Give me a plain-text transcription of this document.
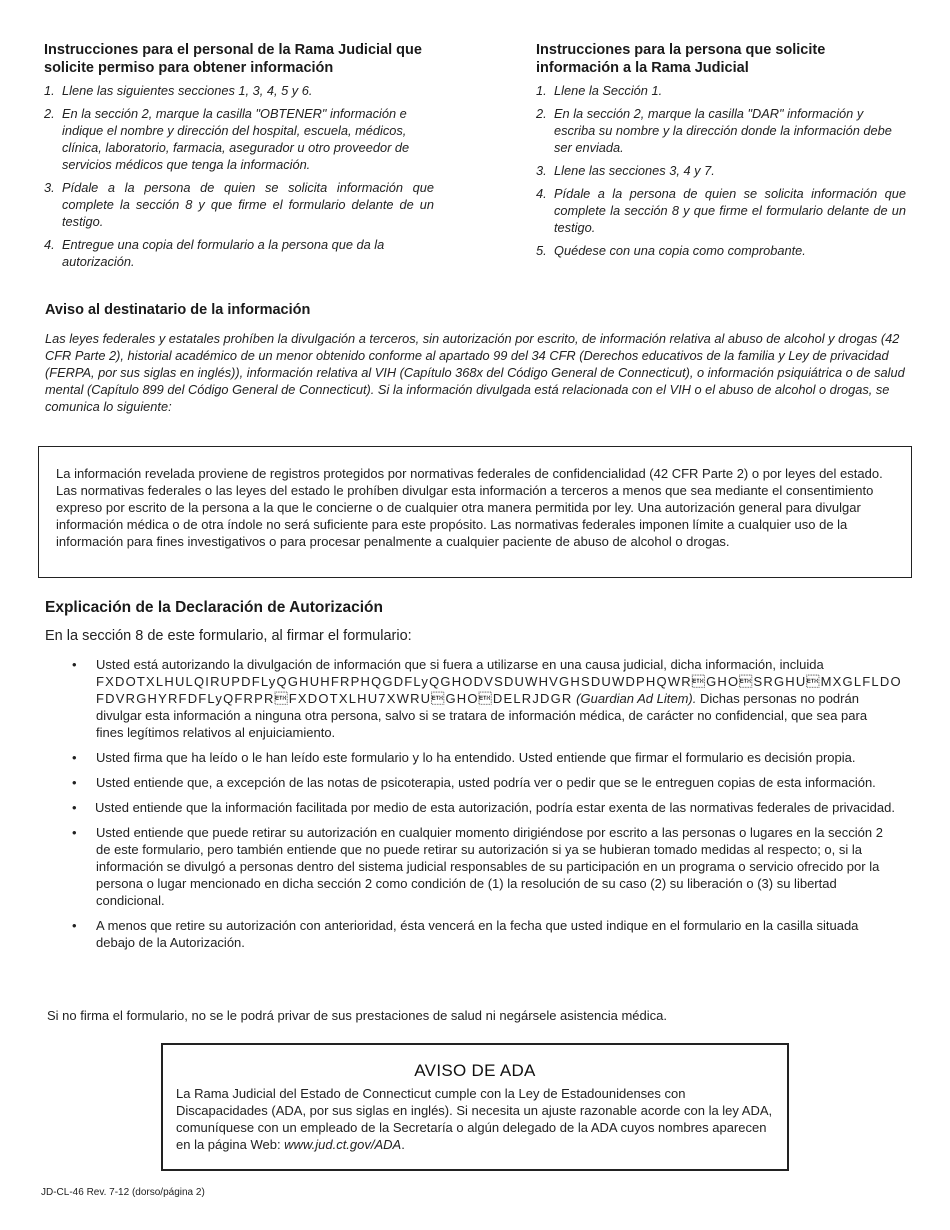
Instrucciones para el personal de la Rama Judicial que solicite permiso para obtener información
1. Llene las siguientes secciones 1, 3, 4, 5 y 6.
2. En la sección 2, marque la casilla "OBTENER" información e indique el nombre y dirección del hospital, escuela, médicos, clínica, laboratorio, farmacia, asegurador u otro proveedor de servicios médicos que tenga la información.
3. Pídale a la persona de quien se solicita información que complete la sección 8 y que firme el formulario delante de un testigo.
4. Entregue una copia del formulario a la persona que da la autorización.
Instrucciones para la persona que solicite información a la Rama Judicial
1. Llene la Sección 1.
2. En la sección 2, marque la casilla "DAR" información y escriba su nombre y la dirección donde la información debe ser enviada.
3. Llene las secciones 3, 4 y 7.
4. Pídale a la persona de quien se solicita información que complete la sección 8 y que firme el formulario delante de un testigo.
5. Quédese con una copia como comprobante.
Aviso al destinatario de la información
Las leyes federales y estatales prohíben la divulgación a terceros, sin autorización por escrito, de información relativa al abuso de alcohol y drogas (42 CFR Parte 2), historial académico de un menor obtenido conforme al apartado 99 del 34 CFR (Derechos educativos de la familia y Ley de privacidad (FERPA, por sus siglas en inglés)), información relativa al VIH (Capítulo 368x del Código General de Connecticut), o información psiquiátrica o de salud mental (Capítulo 899 del Código General de Connecticut). Si la información divulgada está relacionada con el VIH o el abuso de alcohol o drogas, se comunica lo siguiente:
La información revelada proviene de registros protegidos por normativas federales de confidencialidad (42 CFR Parte 2) o por leyes del estado. Las normativas federales o las leyes del estado le prohíben divulgar esta información a terceros a menos que sea mediante el consentimiento expreso por escrito de la persona a la que le concierne o de cualquier otra manera permitida por ley. Una autorización general para divulgar información médica o de otra índole no será suficiente para este propósito. Las normativas federales imponen límite a cualquier uso de la información para fines investigativos o para procesar penalmente a cualquier paciente de abuso de alcohol o drogas.
Explicación de la Declaración de Autorización
En la sección 8 de este formulario, al firmar el formulario:
• Usted está autorizando la divulgación de información que si fuera a utilizarse en una causa judicial, dicha información, incluida
FXDOTXLHULQIRUPDFLyQGHUHFRPHQGDFLyQGHODVSDUWHVGHSDUWDPHQWRGHOSRGHUMXGLFLDO
FDVRGHYRFDFLyQFRPRFXDOTXLHU7XWRUGHODELRJDGR (Guardian Ad Litem). Dichas personas no podrán divulgar esta información a ninguna otra persona, salvo si se tratara de información médica, de carácter no confidencial, que sea para fines legítimos relativos al enjuiciamiento.
• Usted firma que ha leído o le han leído este formulario y lo ha entendido. Usted entiende que firmar el formulario es decisión propia.
• Usted entiende que, a excepción de las notas de psicoterapia, usted podría ver o pedir que se le entreguen copias de esta información.
• Usted entiende que la información facilitada por medio de esta autorización, podría estar exenta de las normativas federales de privacidad.
• Usted entiende que puede retirar su autorización en cualquier momento dirigiéndose por escrito a las personas o lugares en la sección 2 de este formulario, pero también entiende que no puede retirar su autorización si ya se hubieran tomado medidas al respecto; o, si la información se divulgó a personas dentro del sistema judicial responsables de su participación en un programa o servicio ofrecido por la persona o lugar mencionado en dicha sección 2 como condición de (1) la resolución de su caso (2) su liberación o (3) su libertad condicional.
• A menos que retire su autorización con anterioridad, ésta vencerá en la fecha que usted indique en el formulario en la casilla situada debajo de la Autorización.
Si no firma el formulario, no se le podrá privar de sus prestaciones de salud ni negársele asistencia médica.
AVISO DE ADA
La Rama Judicial del Estado de Connecticut cumple con la Ley de Estadounidenses con Discapacidades (ADA, por sus siglas en inglés). Si necesita un ajuste razonable acorde con la ley ADA, comuníquese con un empleado de la Secretaría o algún delegado de la ADA cuyos nombres aparecen en la página Web: www.jud.ct.gov/ADA.
JD-CL-46 Rev. 7-12 (dorso/página 2)
